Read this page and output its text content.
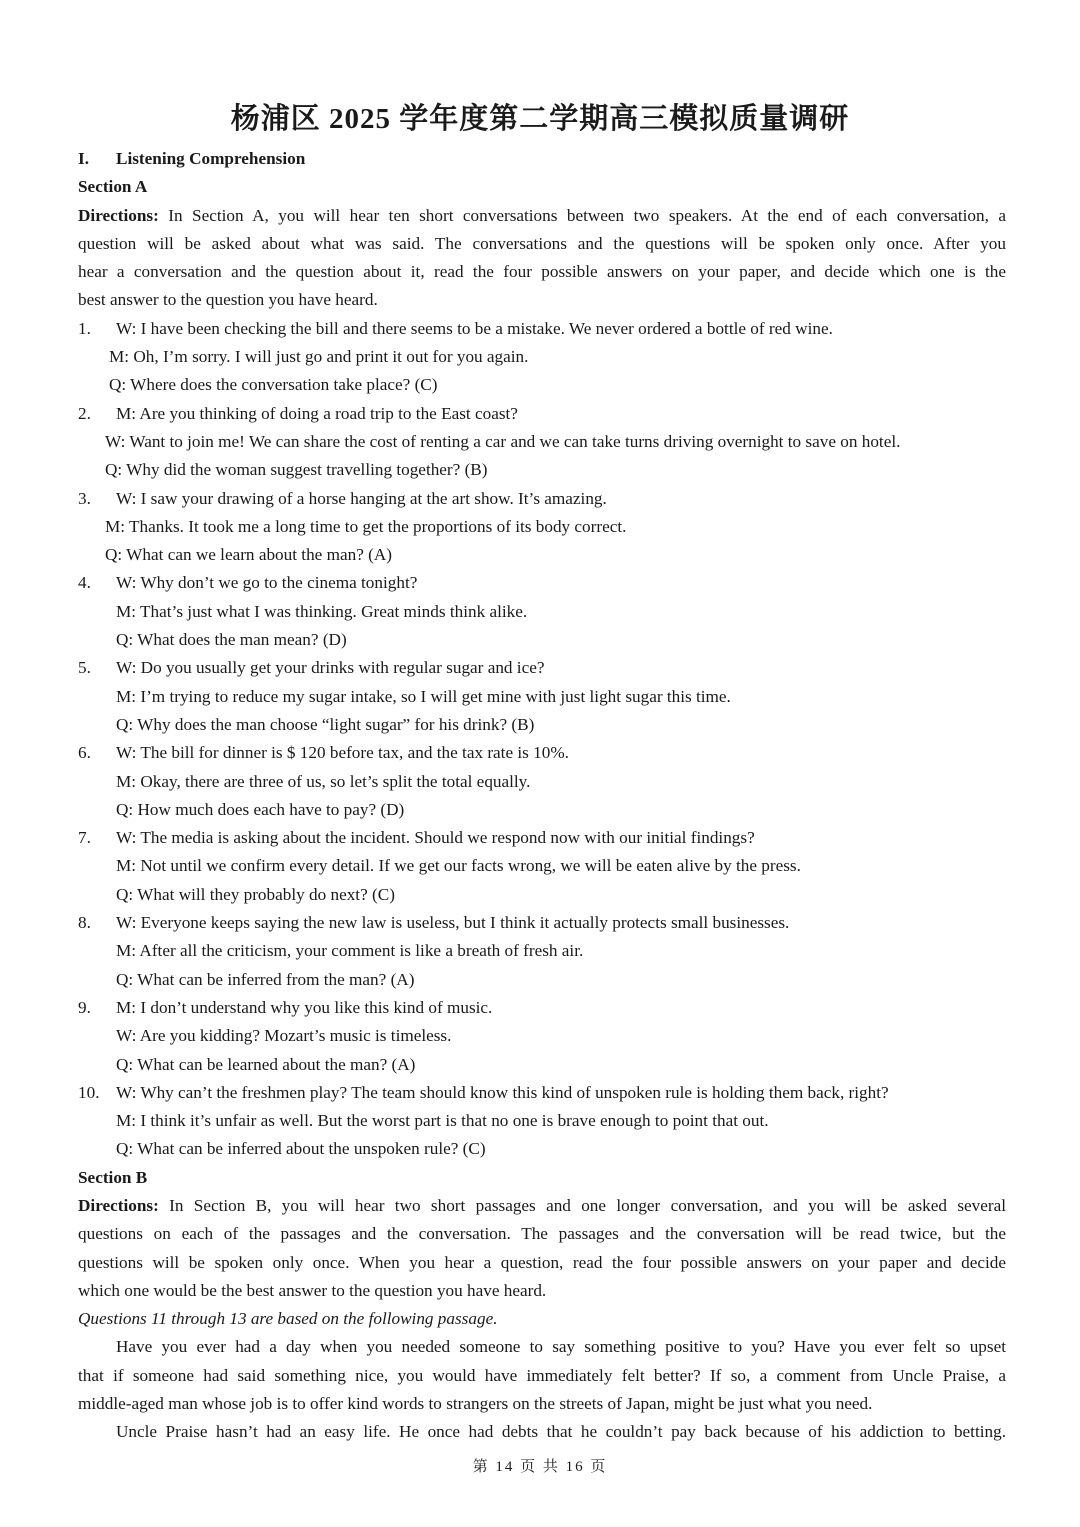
杨浦区 2025 学年度第二学期高三模拟质量调研
I. Listening Comprehension
Section A
Directions: In Section A, you will hear ten short conversations between two speakers. At the end of each conversation, a
question will be asked about what was said. The conversations and the questions will be spoken only once. After you
hear a conversation and the question about it, read the four possible answers on your paper, and decide which one is the
best answer to the question you have heard.
1.	W: I have been checking the bill and there seems to be a mistake. We never ordered a bottle of red wine.
M: Oh, I’m sorry. I will just go and print it out for you again.
Q: Where does the conversation take place? (C)
2.	M: Are you thinking of doing a road trip to the East coast?
W: Want to join me! We can share the cost of renting a car and we can take turns driving overnight to save on hotel.
Q: Why did the woman suggest travelling together? (B)
3.	W: I saw your drawing of a horse hanging at the art show. It’s amazing.
M: Thanks. It took me a long time to get the proportions of its body correct.
Q: What can we learn about the man? (A)
4.	W: Why don’t we go to the cinema tonight?
M: That’s just what I was thinking. Great minds think alike.
Q: What does the man mean? (D)
5.	W: Do you usually get your drinks with regular sugar and ice?
M: I’m trying to reduce my sugar intake, so I will get mine with just light sugar this time.
Q: Why does the man choose “light sugar” for his drink? (B)
6.	W: The bill for dinner is $ 120 before tax, and the tax rate is 10%.
M: Okay, there are three of us, so let’s split the total equally.
Q: How much does each have to pay? (D)
7.	W: The media is asking about the incident. Should we respond now with our initial findings?
M: Not until we confirm every detail. If we get our facts wrong, we will be eaten alive by the press.
Q: What will they probably do next? (C)
8.	W: Everyone keeps saying the new law is useless, but I think it actually protects small businesses.
M: After all the criticism, your comment is like a breath of fresh air.
Q: What can be inferred from the man? (A)
9.	M: I don’t understand why you like this kind of music.
W: Are you kidding? Mozart’s music is timeless.
Q: What can be learned about the man? (A)
10. W: Why can’t the freshmen play? The team should know this kind of unspoken rule is holding them back, right?
M: I think it’s unfair as well. But the worst part is that no one is brave enough to point that out.
Q: What can be inferred about the unspoken rule? (C)
Section B
Directions: In Section B, you will hear two short passages and one longer conversation, and you will be asked several
questions on each of the passages and the conversation. The passages and the conversation will be read twice, but the
questions will be spoken only once. When you hear a question, read the four possible answers on your paper and decide
which one would be the best answer to the question you have heard.
Questions 11 through 13 are based on the following passage.
Have you ever had a day when you needed someone to say something positive to you? Have you ever felt so upset
that if someone had said something nice, you would have immediately felt better? If so, a comment from Uncle Praise, a
middle-aged man whose job is to offer kind words to strangers on the streets of Japan, might be just what you need.
Uncle Praise hasn’t had an easy life. He once had debts that he couldn’t pay back because of his addiction to betting.
第 14 页 共 16 页
